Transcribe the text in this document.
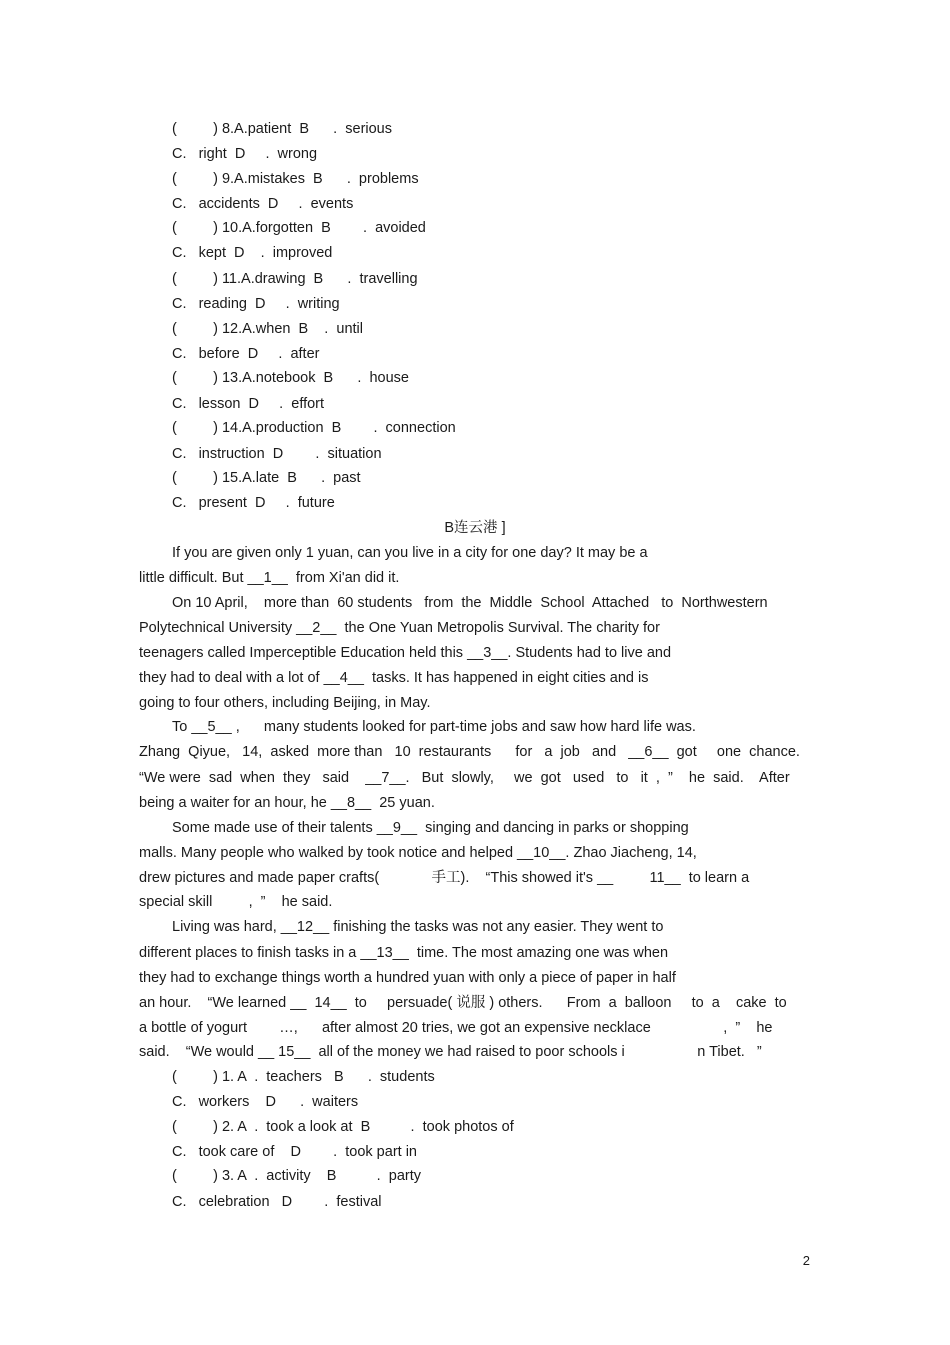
(         ) 8.A.patient  B      .  serious
C.   right  D     .  wrong
(         ) 9.A.mistakes  B      .  problems
C.   accidents  D     .  events
(         ) 10.A.forgotten  B        .  avoided
C.   kept  D    .  improved
(         ) 11.A.drawing  B      .  travelling
C.   reading  D     .  writing
(         ) 12.A.when  B    .  until
C.   before  D     .  after
(         ) 13.A.notebook  B      .  house
C.   lesson  D     .  effort
(         ) 14.A.production  B        .  connection
C.   instruction  D        .  situation
(         ) 15.A.late  B      .  past
C.   present  D     .  future
B连云港 ]
If you are given only 1 yuan, can you live in a city for one day? It may be a
little difficult. But __1__  from Xi'an did it.
On 10 April,    more than  60 students   from  the  Middle  School  Attached   to  Northwestern
Polytechnical University __2__  the One Yuan Metropolis Survival. The charity for
teenagers called Imperceptible Education held this __3__. Students had to live and
they had to deal with a lot of __4__  tasks. It has happened in eight cities and is
going to four others, including Beijing, in May.
To __5__ ,      many students looked for part-time jobs and saw how hard life was.
Zhang  Qiyue,   14,  asked  more than   10  restaurants      for   a  job   and   __6__  got     one  chance.
“We were  sad  when  they   said    __7__.   But  slowly,     we  got   used   to   it  ,  ”    he  said.    After
being a waiter for an hour, he __8__  25 yuan.
Some made use of their talents __9__  singing and dancing in parks or shopping
malls. Many people who walked by took notice and helped __10__. Zhao Jiacheng, 14,
drew pictures and made paper crafts(             手工).    “This showed it's __         11__  to learn a
special skill         ,  ”    he said.
Living was hard, __12__ finishing the tasks was not any easier. They went to
different places to finish tasks in a __13__  time. The most amazing one was when
they had to exchange things worth a hundred yuan with only a piece of paper in half
an hour.    “We learned __  14__  to     persuade( 说服 ) others.      From  a  balloon     to  a    cake  to
a bottle of yogurt        …,      after almost 20 tries, we got an expensive necklace                  ,  ”    he
said.    “We would __ 15__  all of the money we had raised to poor schools i                  n Tibet.   ”
(         ) 1. A  .  teachers   B      .  students
C.   workers    D      .  waiters
(         ) 2. A  .  took a look at  B          .  took photos of
C.   took care of    D        .  took part in
(         ) 3. A  .  activity    B          .  party
C.   celebration   D        .  festival
2
